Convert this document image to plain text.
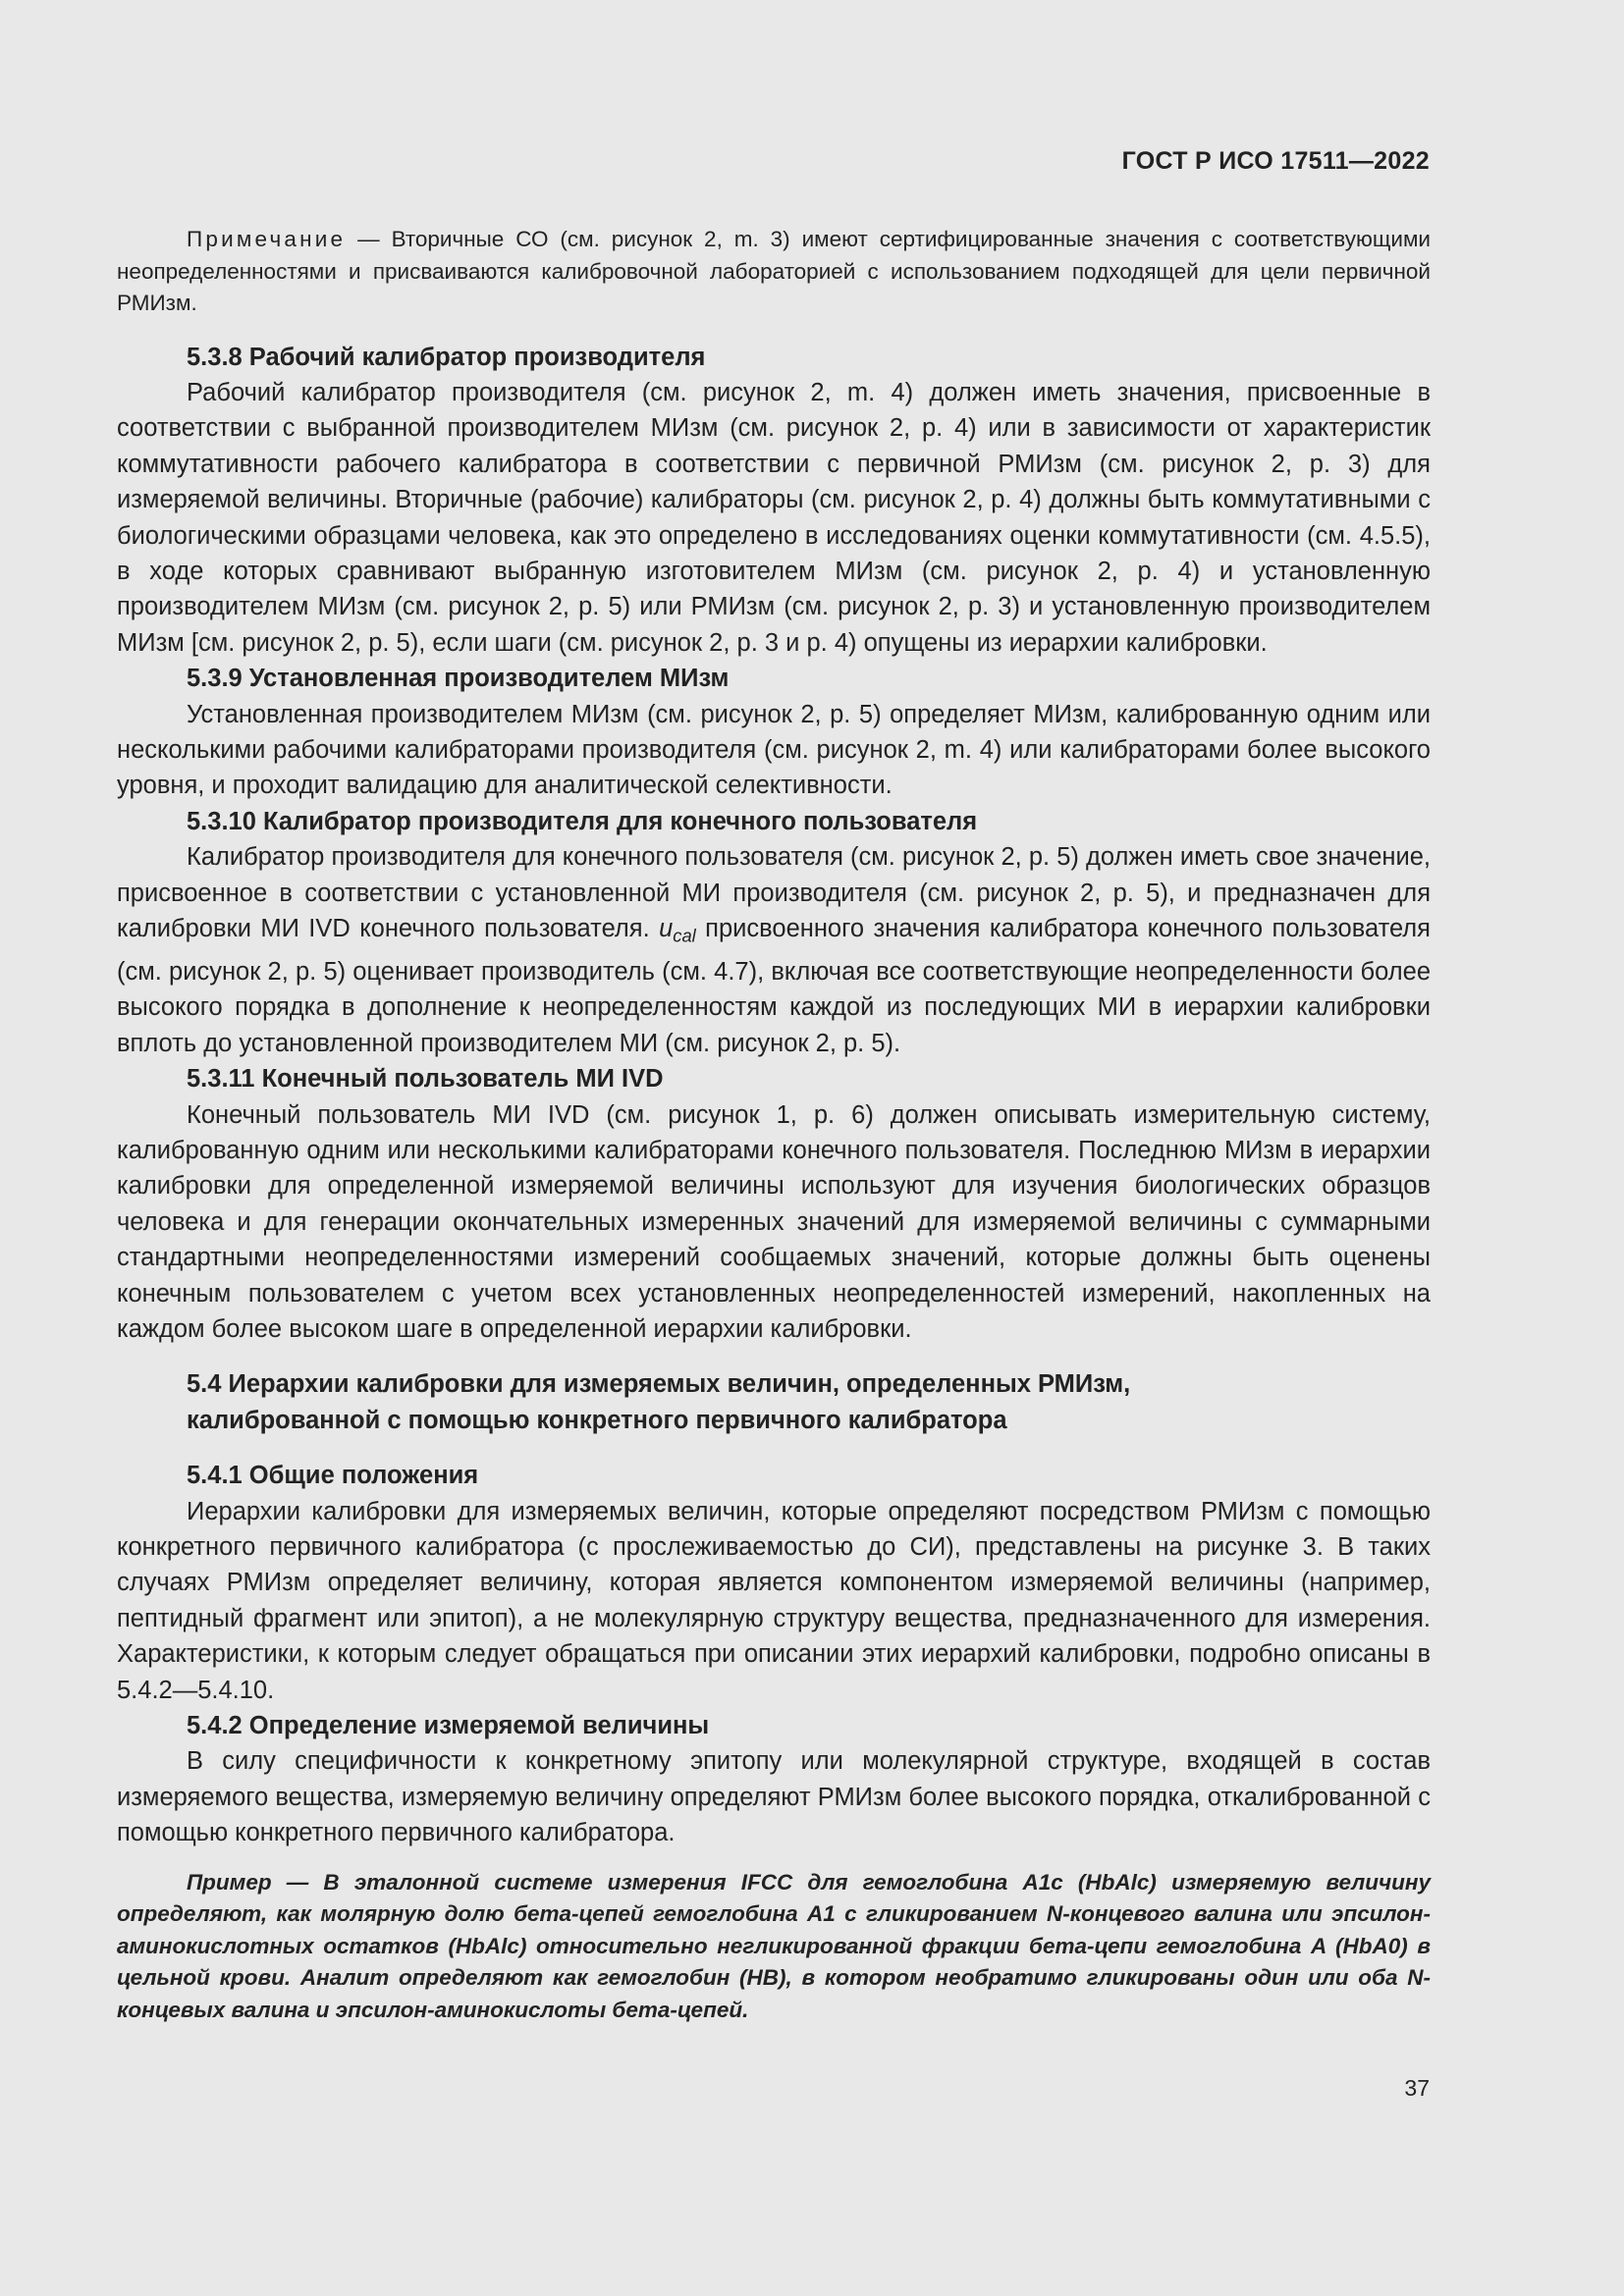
ГОСТ Р ИСО 17511—2022

Примечание — Вторичные СО (см. рисунок 2, m. 3) имеют сертифицированные значения с соответствующими неопределенностями и присваиваются калибровочной лабораторией с использованием подходящей для цели первичной РМИзм.

5.3.8 Рабочий калибратор производителя

Рабочий калибратор производителя (см. рисунок 2, m. 4) должен иметь значения, присвоенные в соответствии с выбранной производителем МИзм (см. рисунок 2, р. 4) или в зависимости от характеристик коммутативности рабочего калибратора в соответствии с первичной РМИзм (см. рисунок 2, р. 3) для измеряемой величины. Вторичные (рабочие) калибраторы (см. рисунок 2, р. 4) должны быть коммутативными с биологическими образцами человека, как это определено в исследованиях оценки коммутативности (см. 4.5.5), в ходе которых сравнивают выбранную изготовителем МИзм (см. рисунок 2, р. 4) и установленную производителем МИзм (см. рисунок 2, р. 5) или РМИзм (см. рисунок 2, р. 3) и установленную производителем МИзм [см. рисунок 2, р. 5), если шаги (см. рисунок 2, р. 3 и р. 4) опущены из иерархии калибровки.

5.3.9 Установленная производителем МИзм

Установленная производителем МИзм (см. рисунок 2, р. 5) определяет МИзм, калиброванную одним или несколькими рабочими калибраторами производителя (см. рисунок 2, m. 4) или калибраторами более высокого уровня, и проходит валидацию для аналитической селективности.

5.3.10 Калибратор производителя для конечного пользователя

Калибратор производителя для конечного пользователя (см. рисунок 2, р. 5) должен иметь свое значение, присвоенное в соответствии с установленной МИ производителя (см. рисунок 2, р. 5), и предназначен для калибровки МИ IVD конечного пользователя. $u_{cal}$ присвоенного значения калибратора конечного пользователя (см. рисунок 2, р. 5) оценивает производитель (см. 4.7), включая все соответствующие неопределенности более высокого порядка в дополнение к неопределенностям каждой из последующих МИ в иерархии калибровки вплоть до установленной производителем МИ (см. рисунок 2, р. 5).

5.3.11 Конечный пользователь МИ IVD

Конечный пользователь МИ IVD (см. рисунок 1, р. 6) должен описывать измерительную систему, калиброванную одним или несколькими калибраторами конечного пользователя. Последнюю МИзм в иерархии калибровки для определенной измеряемой величины используют для изучения биологических образцов человека и для генерации окончательных измеренных значений для измеряемой величины с суммарными стандартными неопределенностями измерений сообщаемых значений, которые должны быть оценены конечным пользователем с учетом всех установленных неопределенностей измерений, накопленных на каждом более высоком шаге в определенной иерархии калибровки.

5.4 Иерархии калибровки для измеряемых величин, определенных РМИзм,

калиброванной с помощью конкретного первичного калибратора

5.4.1 Общие положения

Иерархии калибровки для измеряемых величин, которые определяют посредством РМИзм с помощью конкретного первичного калибратора (с прослеживаемостью до СИ), представлены на рисунке 3. В таких случаях РМИзм определяет величину, которая является компонентом измеряемой величины (например, пептидный фрагмент или эпитоп), а не молекулярную структуру вещества, предназначенного для измерения. Характеристики, к которым следует обращаться при описании этих иерархий калибровки, подробно описаны в 5.4.2—5.4.10.

5.4.2 Определение измеряемой величины

В силу специфичности к конкретному эпитопу или молекулярной структуре, входящей в состав измеряемого вещества, измеряемую величину определяют РМИзм более высокого порядка, откалиброванной с помощью конкретного первичного калибратора.

Пример — В эталонной системе измерения IFCC для гемоглобина A1c (HbAlc) измеряемую величину определяют, как молярную долю бета-цепей гемоглобина A1 с гликированием N-концевого валина или эпсилон-аминокислотных остатков (HbAlc) относительно негликированной фракции бета-цепи гемоглобина A (HbA0) в цельной крови. Аналит определяют как гемоглобин (HB), в котором необратимо гликированы один или оба N-концевых валина и эпсилон-аминокислоты бета-цепей.

37
